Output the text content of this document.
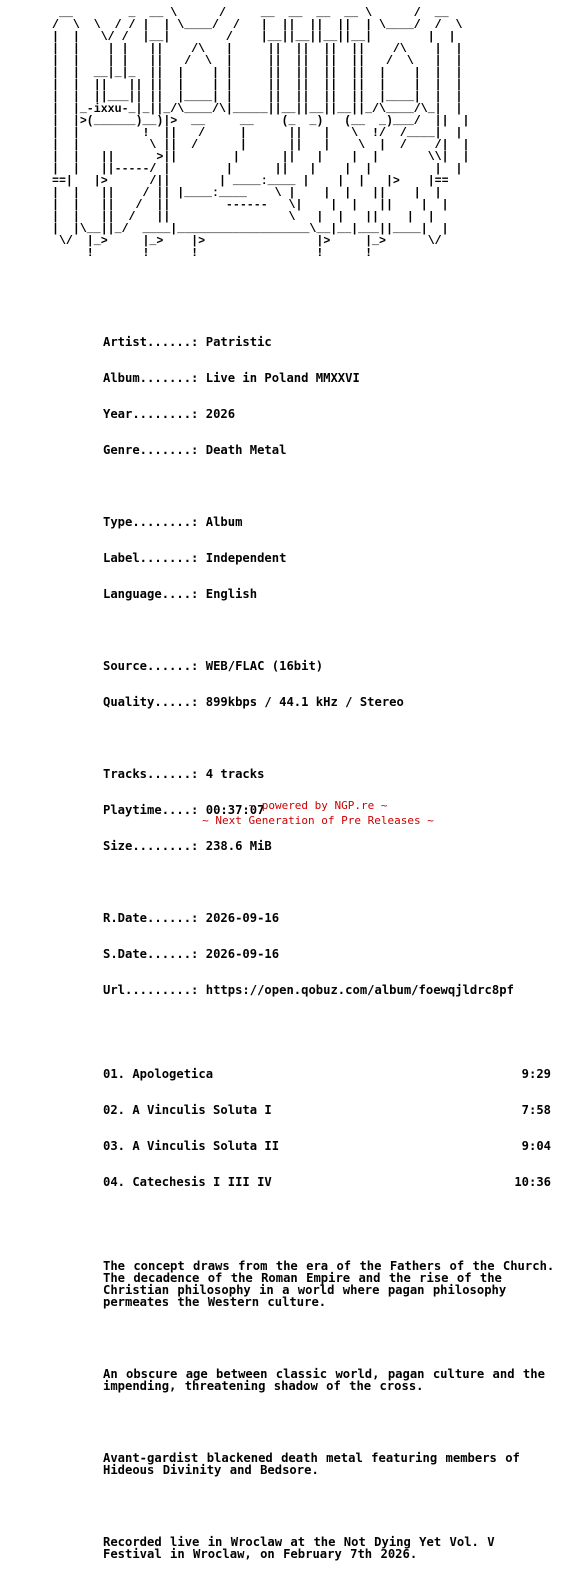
__        _  __ \      /     __  __  __  __ \      /  __
/  \  \  / / |  | \____/  /   |  ||  ||  ||  | \____/  /  \
|  |   \/ /  |__|        /    |__||__||__||__|        |  |
|  |    | |   ||    /\   |     ||  ||  ||  ||    /\    |  |
|  |    | |   ||   /  \  |     ||  ||  ||  ||   /  \   |  |
|  |  __|_|_  ||  |    | |     ||  ||  ||  ||  |    |  |  |
|  |  ||   || ||  |    | |     ||  ||  ||  ||  |    |  |  |
|  |  ||___|| ||  |____| |     ||  ||  ||  ||  |____|  |  |
|  |_-ixxu-_|_||_/\____/\|_____||__||__||__||_/\____/\_|  |
|  |>(______)__)|>  __     __    (_  _)   (__  _)___/  ||  |
|  |         !  ||   /     |      ||   |   \  !/  /____|  |
|  |          \ ||  /      |      ||   |    \  |  /    /|  |
|  |   ||      >||        |      ||   |    |  |       \\|  |
|  |   ||-----/ |        |      ||   |    |  |         |  |
==|   |>      /||       | ____:____ |    |  |   |>    |==
|  |   ||    / || |____:____    \ |    |  |   ||    |  |
|  |   ||   /  ||        ------   \|    |  |   ||    |  |
|  |   ||  /   ||                 \   |  |   ||    |  |
|  |\__||_/  ____|___________________\__|__|___||____|  |
\/  |_>     |_>    |>                |>     |_>      \/
!       !      !                 !      !

Artist......: Patristic

Album.......: Live in Poland MMXXVI

Year........: 2026

Genre.......: Death Metal

Type........: Album

Label.......: Independent

Language....: English

Source......: WEB/FLAC (16bit)

Quality.....: 899kbps / 44.1 kHz / Stereo

Tracks......: 4 tracks

Playtime....: 00:37:07

Size........: 238.6 MiB

R.Date......: 2026-09-16

S.Date......: 2026-09-16

Url.........: https://open.qobuz.com/album/foewqjldrc8pf

01. Apologetica	9:29

02. A Vinculis Soluta I	7:58

03. A Vinculis Soluta II	9:04

04. Catechesis I III IV	10:36

The concept draws from the era of the Fathers of the Church. The decadence of the Roman Empire and the rise of the Christian philosophy in a world where pagan philosophy permeates the Western culture.

An obscure age between classic world, pagan culture and the impending, threatening shadow of the cross.

Avant-gardist blackened death metal featuring members of Hideous Divinity and Bedsore.

Recorded live in Wroclaw at the Not Dying Yet Vol. V Festival in Wroclaw, on February 7th 2026.

~ powered by NGP.re ~
~ Next Generation of Pre Releases ~
